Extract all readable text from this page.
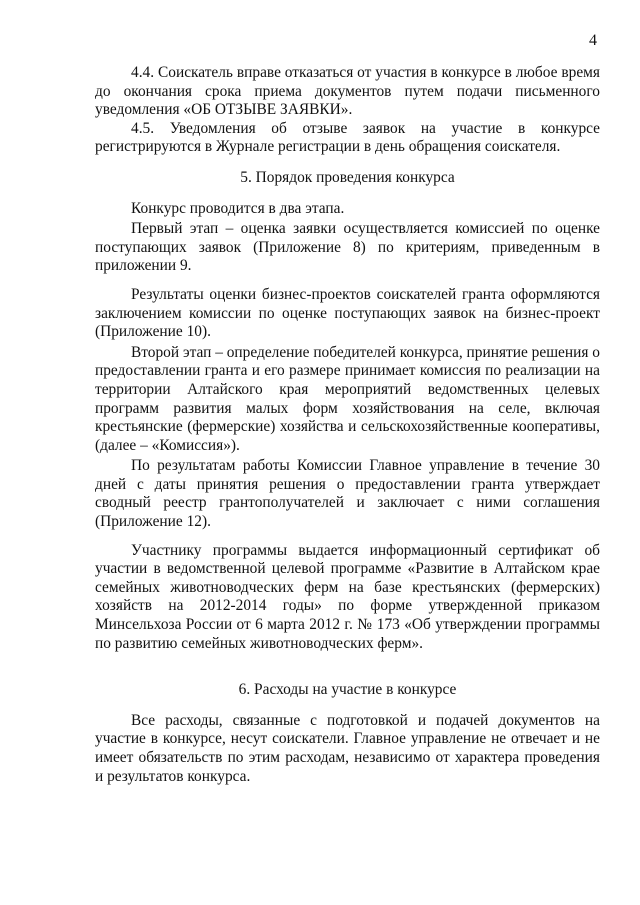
4

4.4. Соискатель вправе отказаться от участия в конкурсе в любое время до окончания срока приема документов путем подачи письменного уведомления «ОБ ОТЗЫВЕ ЗАЯВКИ».

4.5. Уведомления об отзыве заявок на участие в конкурсе регистрируются в Журнале регистрации в день обращения соискателя.

5. Порядок проведения конкурса

Конкурс проводится в два этапа.

Первый этап – оценка заявки осуществляется комиссией по оценке поступающих заявок (Приложение 8) по критериям, приведенным в приложении 9.

Результаты оценки бизнес-проектов соискателей гранта оформляются заключением комиссии по оценке поступающих заявок на бизнес-проект (Приложение 10).

Второй этап – определение победителей конкурса, принятие решения о предоставлении гранта и его размере принимает комиссия по реализации на территории Алтайского края мероприятий ведомственных целевых программ развития малых форм хозяйствования на селе, включая крестьянские (фермерские) хозяйства и сельскохозяйственные кооперативы, (далее – «Комиссия»).

По результатам работы Комиссии Главное управление в течение 30 дней с даты принятия решения о предоставлении гранта утверждает сводный реестр грантополучателей и заключает с ними соглашения (Приложение 12).

Участнику программы выдается информационный сертификат об участии в ведомственной целевой программе «Развитие в Алтайском крае семейных животноводческих ферм на базе крестьянских (фермерских) хозяйств на 2012-2014 годы» по форме утвержденной приказом Минсельхоза России от 6 марта 2012 г. № 173 «Об утверждении программы по развитию семейных животноводческих ферм».

6. Расходы на участие в конкурсе

Все расходы, связанные с подготовкой и подачей документов на участие в конкурсе, несут соискатели. Главное управление не отвечает и не имеет обязательств по этим расходам, независимо от характера проведения и результатов конкурса.
